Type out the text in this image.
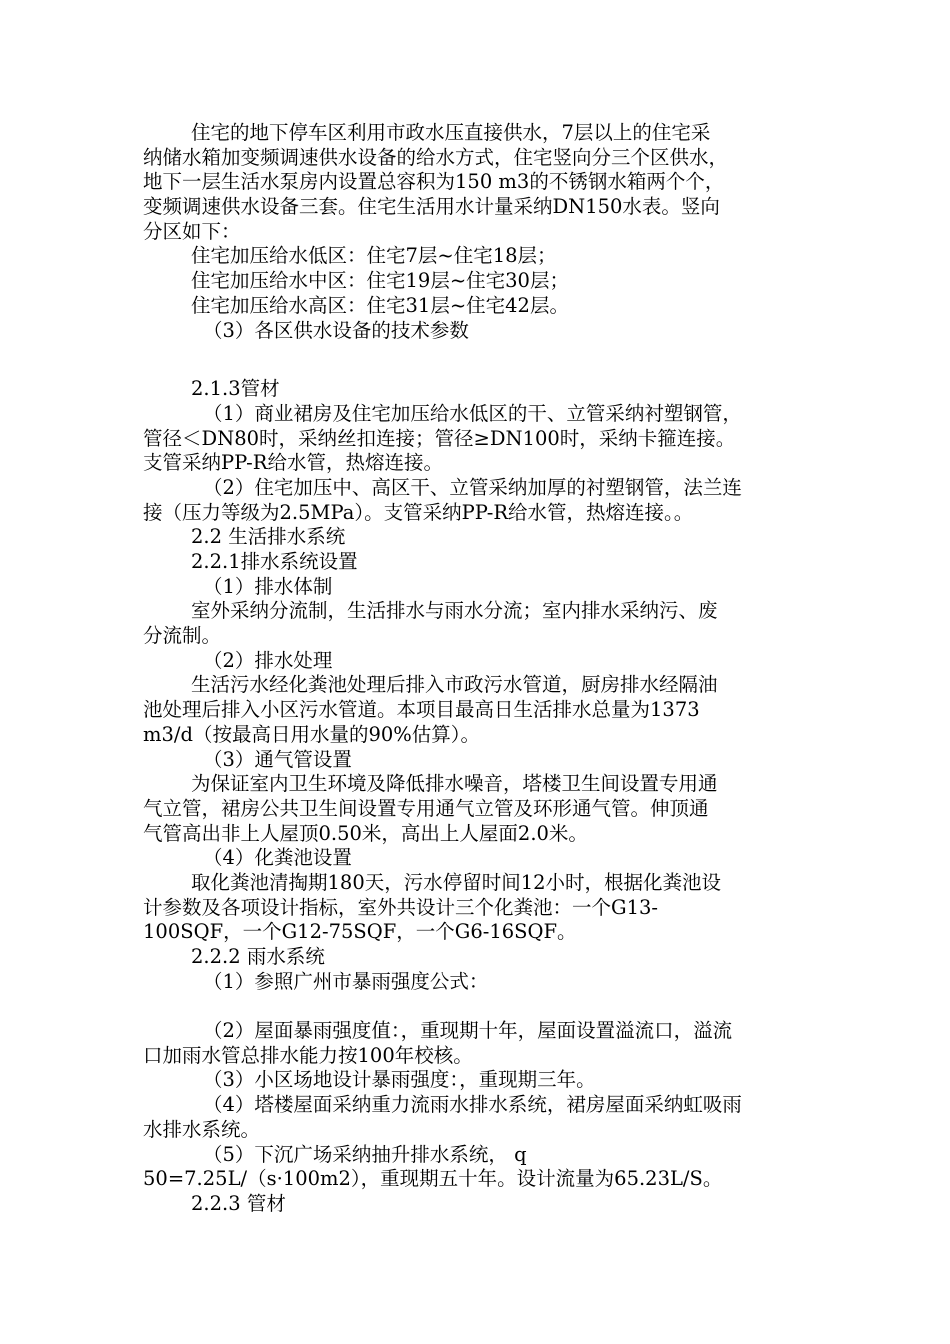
住宅的地下停车区利用市政水压直接供水，7层以上的住宅采
纳储水箱加变频调速供水设备的给水方式，住宅竖向分三个区供水，
地下一层生活水泵房内设置总容积为150 m3的不锈钢水箱两个个，
变频调速供水设备三套。住宅生活用水计量采纳DN150水表。竖向
分区如下：
住宅加压给水低区：住宅7层~住宅18层；
住宅加压给水中区：住宅19层~住宅30层；
住宅加压给水高区：住宅31层~住宅42层。
（3）各区供水设备的技术参数
2.1.3管材
（1）商业裙房及住宅加压给水低区的干、立管采纳衬塑钢管，
管径＜DN80时，采纳丝扣连接；管径≥DN100时，采纳卡箍连接。
支管采纳PP-R给水管，热熔连接。
（2）住宅加压中、高区干、立管采纳加厚的衬塑钢管，法兰连
接（压力等级为2.5MPa）。支管采纳PP-R给水管，热熔连接。。
2.2 生活排水系统
2.2.1排水系统设置
（1）排水体制
室外采纳分流制，生活排水与雨水分流；室内排水采纳污、废
分流制。
（2）排水处理
生活污水经化粪池处理后排入市政污水管道，厨房排水经隔油
池处理后排入小区污水管道。本项目最高日生活排水总量为1373
m3/d（按最高日用水量的90%估算）。
（3）通气管设置
为保证室内卫生环境及降低排水噪音，塔楼卫生间设置专用通
气立管，裙房公共卫生间设置专用通气立管及环形通气管。伸顶通
气管高出非上人屋顶0.50米，高出上人屋面2.0米。
（4）化粪池设置
取化粪池清掏期180天，污水停留时间12小时，根据化粪池设
计参数及各项设计指标，室外共设计三个化粪池：一个G13-
100SQF，一个G12-75SQF，一个G6-16SQF。
2.2.2 雨水系统
（1）参照广州市暴雨强度公式：
（2）屋面暴雨强度值：，重现期十年，屋面设置溢流口，溢流
口加雨水管总排水能力按100年校核。
（3）小区场地设计暴雨强度：，重现期三年。
（4）塔楼屋面采纳重力流雨水排水系统，裙房屋面采纳虹吸雨
水排水系统。
（5）下沉广场采纳抽升排水系统， q
50=7.25L/（s·100m2），重现期五十年。设计流量为65.23L/S。
2.2.3 管材
